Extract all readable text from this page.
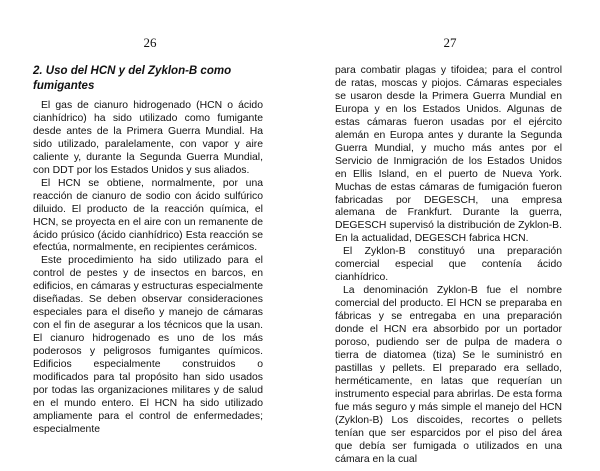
26
2. Uso del HCN y del Zyklon-B como fumigantes

El gas de cianuro hidrogenado (HCN o ácido cianhídrico) ha sido utilizado como fumigante desde antes de la Primera Guerra Mundial. Ha sido utilizado, paralelamente, con vapor y aire caliente y, durante la Segunda Guerra Mundial, con DDT por los Estados Unidos y sus aliados.

El HCN se obtiene, normalmente, por una reacción de cianuro de sodio con ácido sulfúrico diluido. El producto de la reacción química, el HCN, se proyecta en el aire con un remanente de ácido prúsico (ácido cianhídrico) Esta reacción se efectúa, normalmente, en recipientes cerámicos.

Este procedimiento ha sido utilizado para el control de pestes y de insectos en barcos, en edificios, en cámaras y estructuras especialmente diseñadas. Se deben observar consideraciones especiales para el diseño y manejo de cámaras con el fin de asegurar a los técnicos que la usan. El cianuro hidrogenado es uno de los más poderosos y peligrosos fumigantes químicos. Edificios especialmente construidos o modificados para tal propósito han sido usados por todas las organizaciones militares y de salud en el mundo entero. El HCN ha sido utilizado ampliamente para el control de enfermedades; especialmente

27

para combatir plagas y tifoidea; para el control de ratas, moscas y piojos. Cámaras especiales se usaron desde la Primera Guerra Mundial en Europa y en los Estados Unidos. Algunas de estas cámaras fueron usadas por el ejército alemán en Europa antes y durante la Segunda Guerra Mundial, y mucho más antes por el Servicio de Inmigración de los Estados Unidos en Ellis Island, en el puerto de Nueva York. Muchas de estas cámaras de fumigación fueron fabricadas por DEGESCH, una empresa alemana de Frankfurt. Durante la guerra, DEGESCH supervisó la distribución de Zyklon-B. En la actualidad, DEGESCH fabrica HCN.

El Zyklon-B constituyó una preparación comercial especial que contenía ácido cianhídrico.

La denominación Zyklon-B fue el nombre comercial del producto. El HCN se preparaba en fábricas y se entregaba en una preparación donde el HCN era absorbido por un portador poroso, pudiendo ser de pulpa de madera o tierra de diatomea (tiza) Se le suministró en pastillas y pellets. El preparado era sellado, herméticamente, en latas que requerían un instrumento especial para abrirlas. De esta forma fue más seguro y más simple el manejo del HCN (Zyklon-B) Los discoides, recortes o pellets tenían que ser esparcidos por el piso del área que debía ser fumigada o utilizados en una cámara en la cual
